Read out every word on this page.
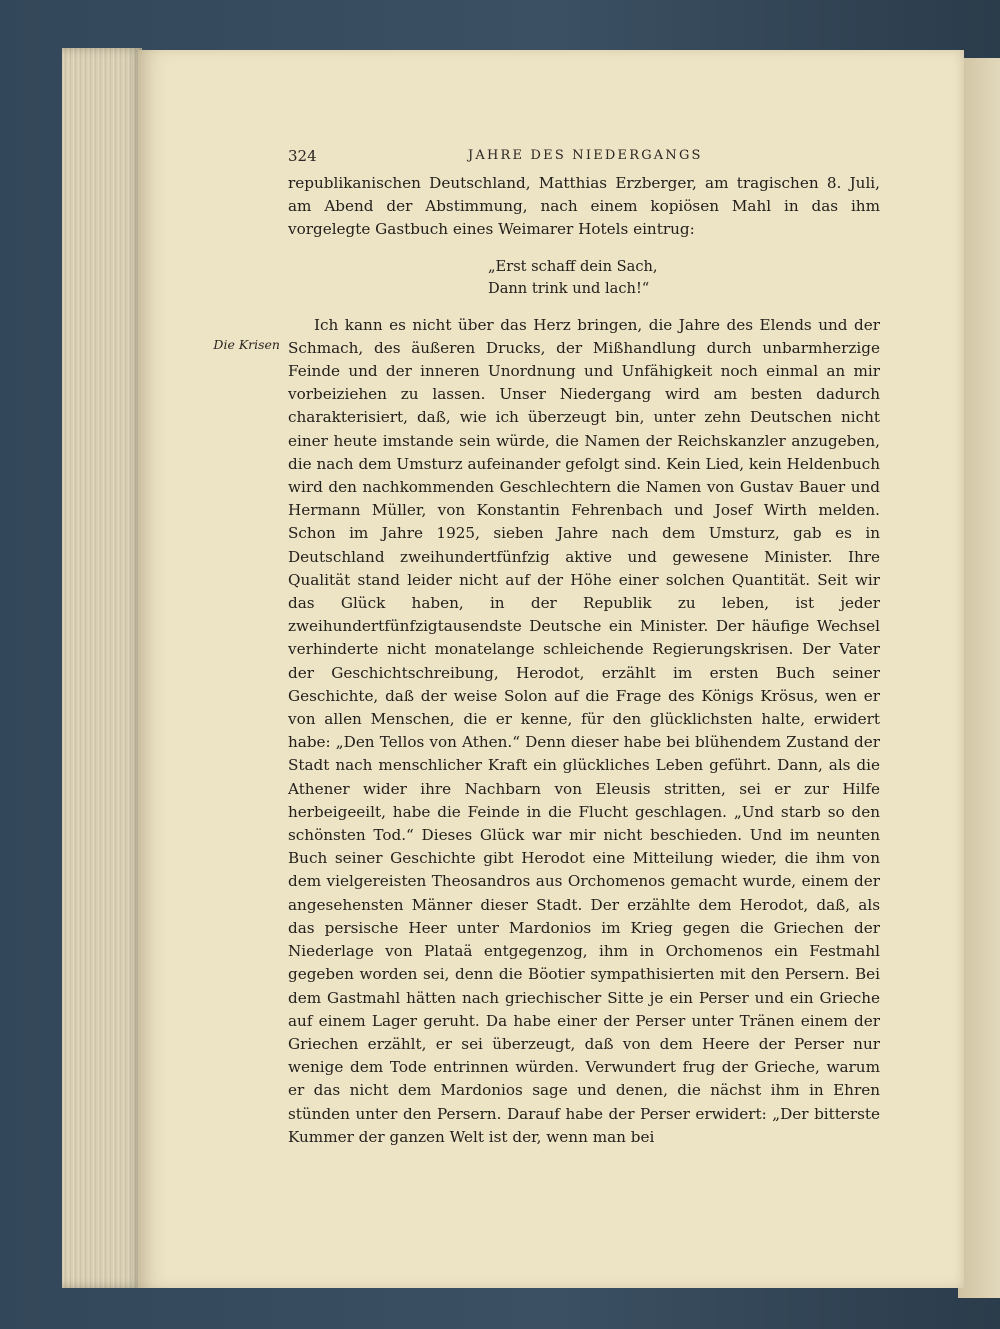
324	JAHRE DES NIEDERGANGS
Die Krisen

republikanischen Deutschland, Matthias Erzberger, am tragischen 8. Juli, am Abend der Abstimmung, nach einem kopiösen Mahl in das ihm vorgelegte Gastbuch eines Weimarer Hotels eintrug:

„Erst schaff dein Sach,
Dann trink und lach!“

Ich kann es nicht über das Herz bringen, die Jahre des Elends und der Schmach, des äußeren Drucks, der Mißhandlung durch unbarmherzige Feinde und der inneren Unordnung und Unfähigkeit noch einmal an mir vorbeiziehen zu lassen. Unser Niedergang wird am besten dadurch charakterisiert, daß, wie ich überzeugt bin, unter zehn Deutschen nicht einer heute imstande sein würde, die Namen der Reichskanzler anzugeben, die nach dem Umsturz aufeinander gefolgt sind. Kein Lied, kein Heldenbuch wird den nachkommenden Geschlechtern die Namen von Gustav Bauer und Hermann Müller, von Konstantin Fehrenbach und Josef Wirth melden. Schon im Jahre 1925, sieben Jahre nach dem Umsturz, gab es in Deutschland zweihundertfünfzig aktive und gewesene Minister. Ihre Qualität stand leider nicht auf der Höhe einer solchen Quantität. Seit wir das Glück haben, in der Republik zu leben, ist jeder zweihundertfünfzigtausendste Deutsche ein Minister. Der häufige Wechsel verhinderte nicht monatelange schleichende Regierungskrisen. Der Vater der Geschichtschreibung, Herodot, erzählt im ersten Buch seiner Geschichte, daß der weise Solon auf die Frage des Königs Krösus, wen er von allen Menschen, die er kenne, für den glücklichsten halte, erwidert habe: „Den Tellos von Athen.“ Denn dieser habe bei blühendem Zustand der Stadt nach menschlicher Kraft ein glückliches Leben geführt. Dann, als die Athener wider ihre Nachbarn von Eleusis stritten, sei er zur Hilfe herbeigeeilt, habe die Feinde in die Flucht geschlagen. „Und starb so den schönsten Tod.“ Dieses Glück war mir nicht beschieden. Und im neunten Buch seiner Geschichte gibt Herodot eine Mitteilung wieder, die ihm von dem vielgereisten Theosandros aus Orchomenos gemacht wurde, einem der angesehensten Männer dieser Stadt. Der erzählte dem Herodot, daß, als das persische Heer unter Mardonios im Krieg gegen die Griechen der Niederlage von Plataä entgegenzog, ihm in Orchomenos ein Festmahl gegeben worden sei, denn die Böotier sympathisierten mit den Persern. Bei dem Gastmahl hätten nach griechischer Sitte je ein Perser und ein Grieche auf einem Lager geruht. Da habe einer der Perser unter Tränen einem der Griechen erzählt, er sei überzeugt, daß von dem Heere der Perser nur wenige dem Tode entrinnen würden. Verwundert frug der Grieche, warum er das nicht dem Mardonios sage und denen, die nächst ihm in Ehren stünden unter den Persern. Darauf habe der Perser erwidert: „Der bitterste Kummer der ganzen Welt ist der, wenn man bei
